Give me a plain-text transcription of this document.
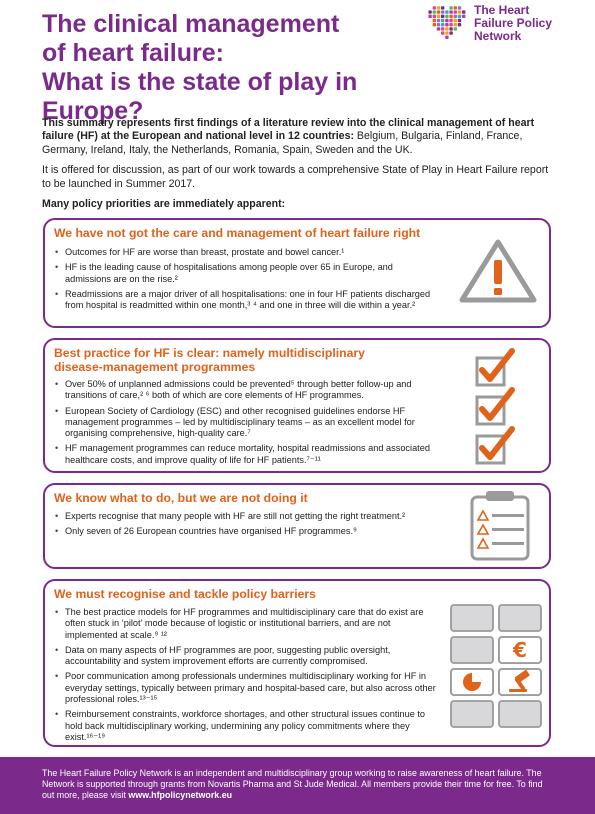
The clinical management
of heart failure:
What is the state of play in Europe?
The Heart
Failure Policy
Network

This summary represents first findings of a literature review into the clinical management of heart failure (HF) at the European and national level in 12 countries: Belgium, Bulgaria, Finland, France, Germany, Ireland, Italy, the Netherlands, Romania, Spain, Sweden and the UK.

It is offered for discussion, as part of our work towards a comprehensive State of Play in Heart Failure report to be launched in Summer 2017.

Many policy priorities are immediately apparent:

We have not got the care and management of heart failure right
• Outcomes for HF are worse than breast, prostate and bowel cancer.¹
• HF is the leading cause of hospitalisations among people over 65 in Europe, and admissions are on the rise.²
• Readmissions are a major driver of all hospitalisations: one in four HF patients discharged from hospital is readmitted within one month,³ ⁴ and one in three will die within a year.²
Best practice for HF is clear: namely multidisciplinary
disease-management programmes
• Over 50% of unplanned admissions could be prevented⁵ through better follow-up and transitions of care,² ⁶ both of which are core elements of HF programmes.
• European Society of Cardiology (ESC) and other recognised guidelines endorse HF management programmes – led by multidisciplinary teams – as an excellent model for organising comprehensive, high-quality care.⁷
• HF management programmes can reduce mortality, hospital readmissions and associated healthcare costs, and improve quality of life for HF patients.⁷⁻¹¹
We know what to do, but we are not doing it
• Experts recognise that many people with HF are still not getting the right treatment.²
• Only seven of 26 European countries have organised HF programmes.⁹
We must recognise and tackle policy barriers
• The best practice models for HF programmes and multidisciplinary care that do exist are often stuck in ‘pilot’ mode because of logistic or institutional barriers, and are not implemented at scale.⁹ ¹²
• Data on many aspects of HF programmes are poor, suggesting public oversight, accountability and system improvement efforts are currently compromised.
• Poor communication among professionals undermines multidisciplinary working for HF in everyday settings, typically between primary and hospital-based care, but also across other professional roles.¹³⁻¹⁵
• Reimbursement constraints, workforce shortages, and other structural issues continue to hold back multidisciplinary working, undermining any policy commitments where they exist.¹⁶⁻¹⁹
€
The Heart Failure Policy Network is an independent and multidisciplinary group working to raise awareness of heart failure. The Network is supported through grants from Novartis Pharma and St Jude Medical. All members provide their time for free. To find out more, please visit www.hfpolicynetwork.eu
